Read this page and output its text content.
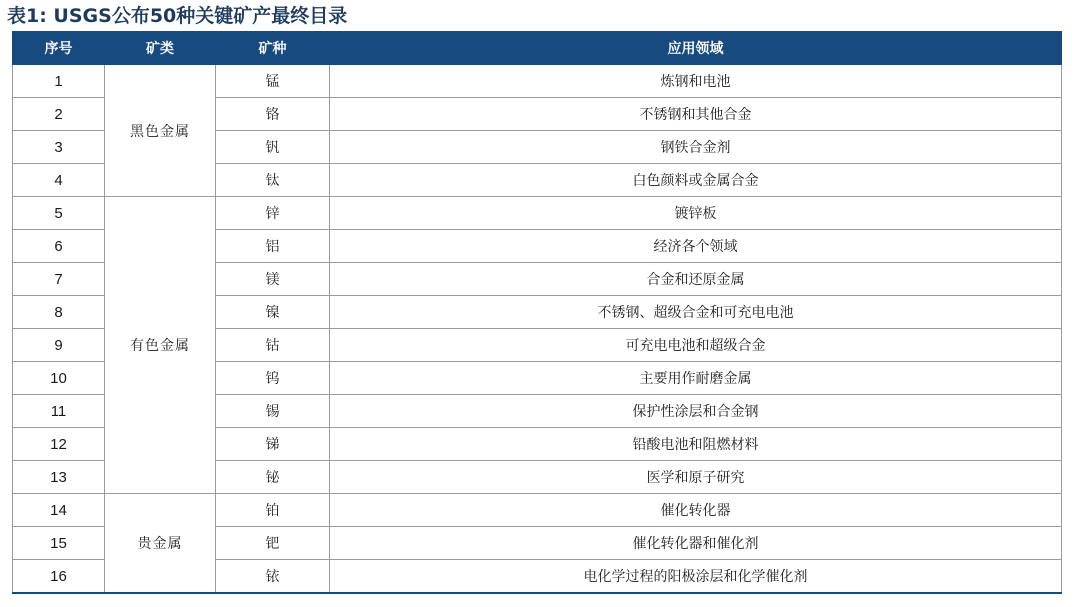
表1: USGS公布50种关键矿产最终目录
序号	矿类	矿种	应用领域
1	黑色金属	锰	炼钢和电池
2		铬	不锈钢和其他合金
3		钒	钢铁合金剂
4		钛	白色颜料或金属合金
5	有色金属	锌	镀锌板
6		铝	经济各个领域
7		镁	合金和还原金属
8		镍	不锈钢、超级合金和可充电电池
9		钴	可充电电池和超级合金
10		钨	主要用作耐磨金属
11		锡	保护性涂层和合金钢
12		锑	铅酸电池和阻燃材料
13		铋	医学和原子研究
14	贵金属	铂	催化转化器
15		钯	催化转化器和催化剂
16		铱	电化学过程的阳极涂层和化学催化剂
